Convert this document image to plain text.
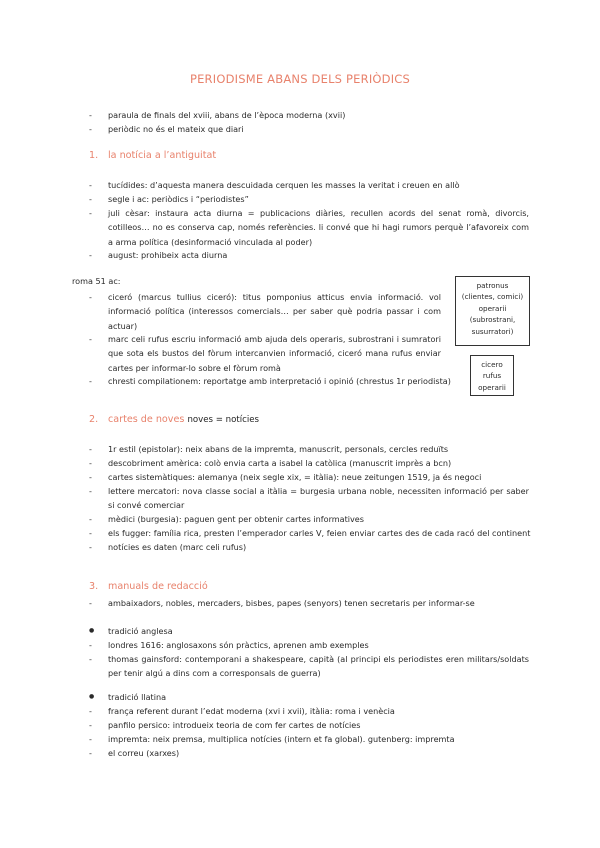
PERIODISME ABANS DELS PERIÒDICS
-	paraula de finals del xviii, abans de l’època moderna (xvii)
-	periòdic no és el mateix que diari
1. la notícia a l’antiguitat
-	tucídides: d’aquesta manera descuidada cerquen les masses la veritat i creuen en allò
-	segle i ac: periòdics i “periodistes”
-	juli cèsar: instaura acta diurna = publicacions diàries, recullen acords del senat romà, divorcis, cotilleos… no es conserva cap, només referències. li convé que hi hagi rumors perquè l’afavoreix com a arma política (desinformació vinculada al poder)
-	august: prohibeix acta diurna
roma 51 ac:
-	ciceró (marcus tullius ciceró): titus pomponius atticus envia informació. vol informació política (interessos comercials… per saber què podria passar i com actuar)
-	marc celi rufus escriu informació amb ajuda dels operaris, subrostrani i sumratori que sota els bustos del fòrum intercanvien informació, ciceró mana rufus enviar cartes per informar-lo sobre el fòrum romà
-	chresti compilationem: reportatge amb interpretació i opinió (chrestus 1r periodista)
patronus
(clientes, comici)
operarii
(subrostrani,
susurratori)
cicero
rufus
operarii
2. cartes de noves noves = notícies
-	1r estil (epistolar): neix abans de la impremta, manuscrit, personals, cercles reduïts
-	descobriment amèrica: colò envia carta a isabel la catòlica (manuscrit imprès a bcn)
-	cartes sistemàtiques: alemanya (neix segle xix, = itàlia): neue zeitungen 1519, ja és negoci
-	lettere mercatori: nova classe social a itàlia = burgesia urbana noble, necessiten informació per saber si convé comerciar
-	mèdici (burgesia): paguen gent per obtenir cartes informatives
-	els fugger: família rica, presten l’emperador carles V, feien enviar cartes des de cada racó del continent
-	notícies es daten (marc celi rufus)
3. manuals de redacció
-	ambaixadors, nobles, mercaders, bisbes, papes (senyors) tenen secretaris per informar-se
●	tradició anglesa
-	londres 1616: anglosaxons són pràctics, aprenen amb exemples
-	thomas gainsford: contemporani a shakespeare, capità (al principi els periodistes eren militars/soldats per tenir algú a dins com a corresponsals de guerra)
●	tradició llatina
-	frança referent durant l’edat moderna (xvi i xvii), itàlia: roma i venècia
-	panfilo persico: introdueix teoria de com fer cartes de notícies
-	impremta: neix premsa, multiplica notícies (intern et fa global). gutenberg: impremta
-	el correu (xarxes)
